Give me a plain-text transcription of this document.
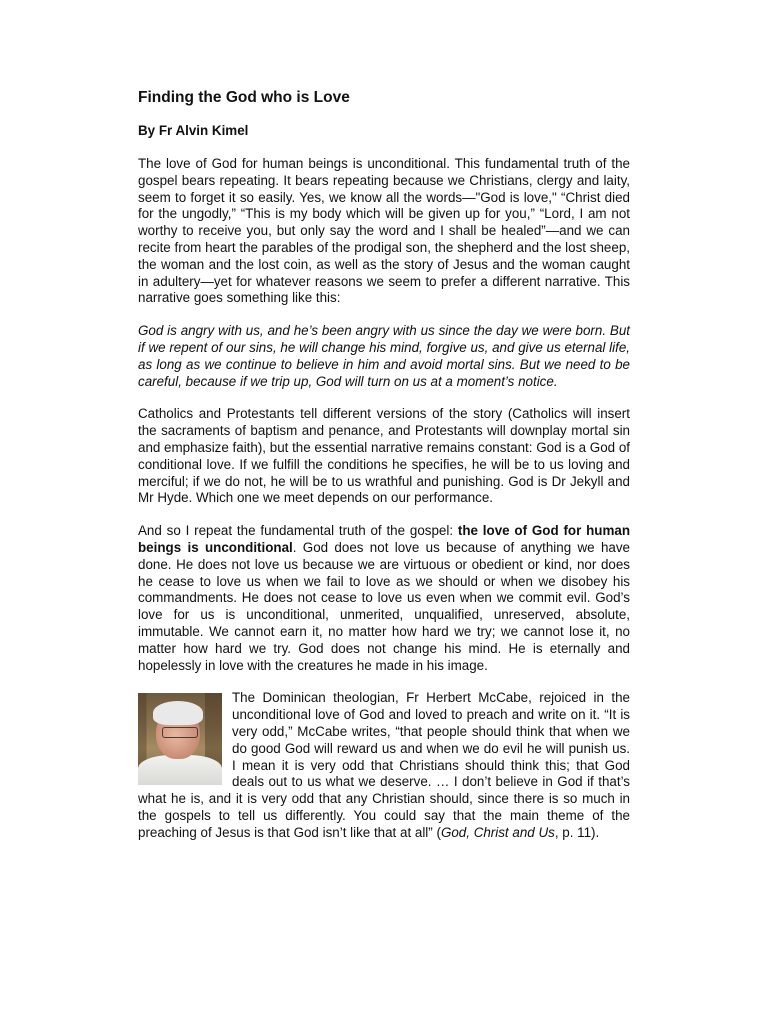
Finding the God who is Love
By Fr Alvin Kimel

The love of God for human beings is unconditional. This fundamental truth of the gospel bears repeating. It bears repeating because we Christians, clergy and laity, seem to forget it so easily. Yes, we know all the words—"God is love," “Christ died for the ungodly,” “This is my body which will be given up for you,” “Lord, I am not worthy to receive you, but only say the word and I shall be healed”—and we can recite from heart the parables of the prodigal son, the shepherd and the lost sheep, the woman and the lost coin, as well as the story of Jesus and the woman caught in adultery—yet for whatever reasons we seem to prefer a different narrative. This narrative goes something like this:

God is angry with us, and he’s been angry with us since the day we were born. But if we repent of our sins, he will change his mind, forgive us, and give us eternal life, as long as we continue to believe in him and avoid mortal sins. But we need to be careful, because if we trip up, God will turn on us at a moment’s notice.

Catholics and Protestants tell different versions of the story (Catholics will insert the sacraments of baptism and penance, and Protestants will downplay mortal sin and emphasize faith), but the essential narrative remains constant: God is a God of conditional love. If we fulfill the conditions he specifies, he will be to us loving and merciful; if we do not, he will be to us wrathful and punishing. God is Dr Jekyll and Mr Hyde. Which one we meet depends on our performance.

And so I repeat the fundamental truth of the gospel: the love of God for human beings is unconditional. God does not love us because of anything we have done. He does not love us because we are virtuous or obedient or kind, nor does he cease to love us when we fail to love as we should or when we disobey his commandments. He does not cease to love us even when we commit evil. God’s love for us is unconditional, unmerited, unqualified, unreserved, absolute, immutable. We cannot earn it, no matter how hard we try; we cannot lose it, no matter how hard we try. God does not change his mind. He is eternally and hopelessly in love with the creatures he made in his image.

The Dominican theologian, Fr Herbert McCabe, rejoiced in the unconditional love of God and loved to preach and write on it. “It is very odd,” McCabe writes, “that people should think that when we do good God will reward us and when we do evil he will punish us. I mean it is very odd that Christians should think this; that God deals out to us what we deserve. … I don’t believe in God if that’s what he is, and it is very odd that any Christian should, since there is so much in the gospels to tell us differently. You could say that the main theme of the preaching of Jesus is that God isn’t like that at all” (God, Christ and Us, p. 11).
